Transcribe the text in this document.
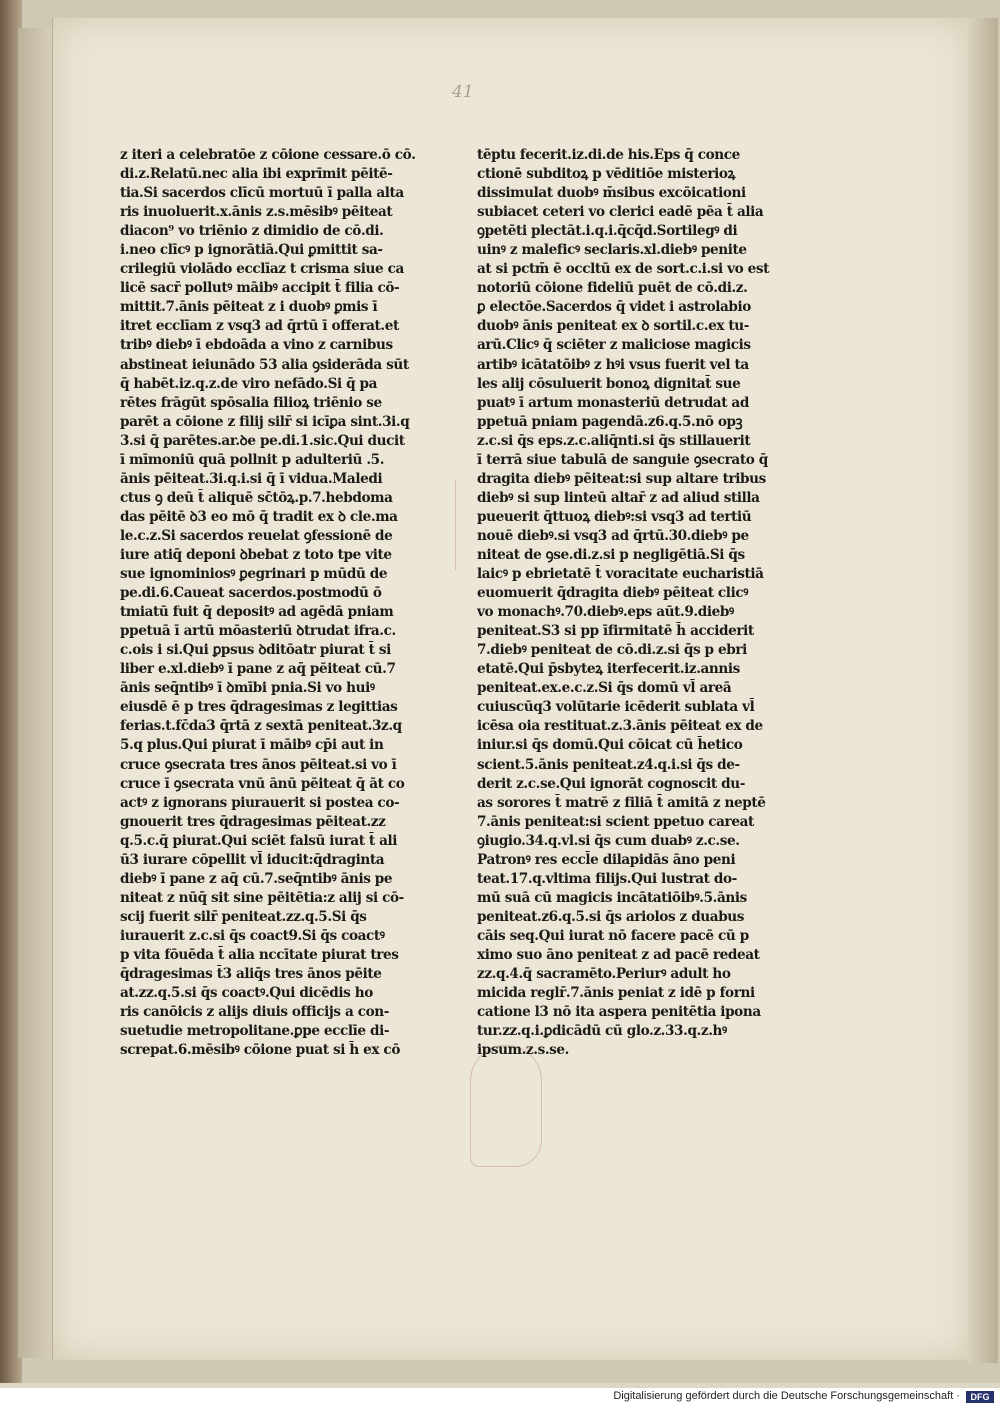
41
z iteri a celebratōe z cōione cessare.ō cō.
di.z.Relatū.nec alia ibi exprīmit pēitē-
tia.Si sacerdos clīcū mortuū ī palla alta
ris inuoluerit.x.ānis z.s.mēsibꝰ pēiteat
diacon⁹ vo triēnio z dimidio de cō.di.
i.neo clīcꝰ p ignorātiā.Qui ꝑmittit sa-
crilegiū violādo ecclīaz t crisma siue ca
licē sacr̄ pollutꝰ māibꝰ accipit t̄ filia cō-
mittit.7.ānis pēiteat z i duobꝰ ꝑmis ī
itret ecclīam z vsq3 ad q̄rtū ī offerat.et
tribꝰ diebꝰ ī ebdoāda a vino z carnibus
abstineat ieiunādo 53 alia ꝯsiderāda sūt
q̄ habēt.iz.q.z.de viro nefādo.Si q̄ pa
rētes frāgūt spōsalia filioꝝ triēnio se
parēt a cōione z filij silr̄ si icīꝑa sint.3i.q
3.si q̄ parētes.ar.ꝺe pe.di.1.sic.Qui ducit
ī mīmoniū quā pollnit p adulteriū .5.
ānis pēiteat.3i.q.i.si q̄ ī vidua.Maledi
ctus ꝯ deū t̄ aliquē sc̄tōꝝ.p.7.hebdoma
das pēitē ꝺ3 eo mō q̄ tradit ex ꝺ cle.ma
le.c.z.Si sacerdos reuelat ꝯfessionē de
iure atiq̄ deponi ꝺbebat z toto tpe vite
sue ignominiosꝰ ꝑegrinari p mūdū de
pe.di.6.Caueat sacerdos.postmodū ō
tmiatū fuit q̄ depositꝰ ad agēdā pniam
ppetuā ī artū mōasteriū ꝺtrudat ifra.c.
c.ois i si.Qui ꝑpsus ꝺditōatr piurat t̄ si
liber e.xl.diebꝰ ī pane z aq̄ pēiteat cū.7
ānis seq̄ntibꝰ ī ꝺmībi pnia.Si vo huiꝰ
eiusdē ē p tres q̄dragesimas z legittias
ferias.t.fc̄da3 q̄rtā z sextā peniteat.3z.q
5.q plus.Qui piurat ī māibꝰ cp̄i aut in
cruce ꝯsecrata tres ānos pēiteat.si vo ī
cruce ī ꝯsecrata vnū ānū pēiteat q̄ āt co
actꝰ z ignorans piurauerit si postea co-
gnouerit tres q̄dragesimas pēiteat.zz
q.5.c.q̄ piurat.Qui sciēt falsū iurat t̄ ali
ū3 iurare cōpellit vl̄ iducit:q̄draginta
diebꝰ ī pane z aq̄ cū.7.seq̄ntibꝰ ānis pe
niteat z nūq̄ sit sine pēitētia:z alij si cō-
scij fuerit silr̄ peniteat.zz.q.5.Si q̄s
iurauerit z.c.si q̄s coact9.Si q̄s coactꝰ
p vita fōuēda t̄ alia nccītate piurat tres
q̄dragesimas t̄3 aliq̄s tres ānos pēite
at.zz.q.5.si q̄s coactꝰ.Qui dicēdis ho
ris canōicis z alijs diuis officijs a con-
suetudie metropolitane.ꝑpe ecclīe di-
screpat.6.mēsibꝰ cōione puat si h̄ ex cō
tēptu fecerit.iz.di.de his.Eps q̄ conce
ctionē subditoꝝ p vēditiōe misterioꝝ
dissimulat duobꝰ m̄sibus excōicationi
subiacet ceteri vo clerici eadē pēa t̄ alia
ꝯpetēti plectāt.i.q.i.q̄cq̄d.Sortilegꝰ di
uinꝰ z maleficꝰ seclaris.xl.diebꝰ penite
at si pctm̄ ē occltū ex de sort.c.i.si vo est
notoriū cōione fideliū puēt de cō.di.z.
ꝑ electōe.Sacerdos q̄ videt i astrolabio
duobꝰ ānis peniteat ex ꝺ sortil.c.ex tu-
arū.Clicꝰ q̄ sciēter z maliciose magicis
artibꝰ icātatōibꝰ z hꝰi vsus fuerit vel ta
les alij cōsuluerit bonoꝝ dignitat̄ sue
puatꝰ ī artum monasteriū detrudat ad
ppetuā pniam pagendā.z6.q.5.nō opꝫ
z.c.si q̄s eps.z.c.aliq̄nti.si q̄s stillauerit
ī terrā siue tabulā de sanguie ꝯsecrato q̄
dragita diebꝰ pēiteat:si sup altare tribus
diebꝰ si sup linteū altar̄ z ad aliud stilla
pueuerit q̄ttuoꝝ diebꝰ:si vsq3 ad tertiū
nouē diebꝰ.si vsq3 ad q̄rtū.30.diebꝰ pe
niteat de ꝯse.di.z.si p negligētiā.Si q̄s
laicꝰ p ebrietatē t̄ voracitate eucharistiā
euomuerit q̄dragita diebꝰ pēiteat clicꝰ
vo monachꝰ.70.diebꝰ.eps aūt.9.diebꝰ
peniteat.S3 si pp īfirmitatē h̄ acciderit
7.diebꝰ peniteat de cō.di.z.si q̄s p ebri
etatē.Qui p̄sbyteꝝ iterfecerit.iz.annis
peniteat.ex.e.c.z.Si q̄s domū vl̄ areā
cuiuscūq3 volūtarie icēderit sublata vl̄
icēsa oia restituat.z.3.ānis pēiteat ex de
iniur.si q̄s domū.Qui cōicat cū h̄etico
scient.5.ānis peniteat.z4.q.i.si q̄s de-
derit z.c.se.Qui ignorāt cognoscit du-
as sorores t̄ matrē z filiā t̄ amitā z neptē
7.ānis peniteat:si scient ppetuo careat
ꝯiugio.34.q.vl.si q̄s cum duabꝰ z.c.se.
Patronꝰ res eccl̄e dilapidās āno peni
teat.17.q.vltima filijs.Qui lustrat do-
mū suā cū magicis incātatiōibꝰ.5.ānis
peniteat.z6.q.5.si q̄s ariolos z duabus
cāis seq.Qui iurat nō facere pacē cū p
ximo suo āno peniteat z ad pacē redeat
zz.q.4.q̄ sacramēto.Periurꝰ adult ho
micida reglr̄.7.ānis peniat z idē p forni
catione l3 nō ita aspera penitētia ipona
tur.zz.q.i.ꝑdicādū cū glo.z.33.q.z.hꝰ
ipsum.z.s.se.
Digitalisierung gefördert durch die Deutsche Forschungsgemeinschaft ·	DFG
